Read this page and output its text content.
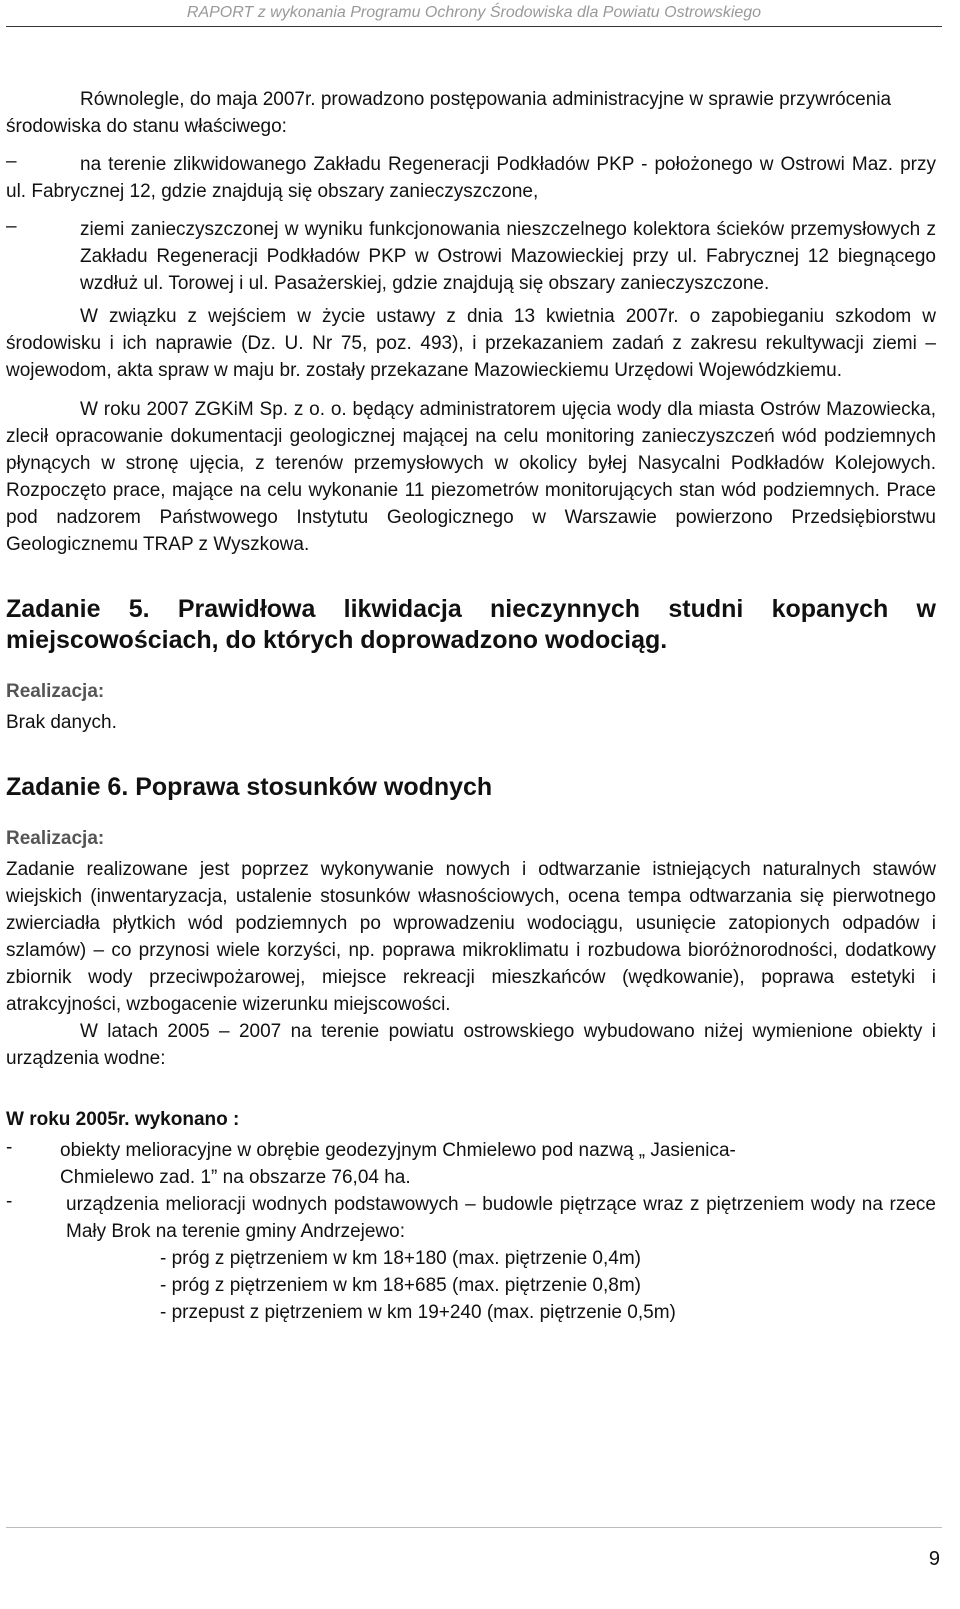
RAPORT z wykonania Programu Ochrony Środowiska dla Powiatu Ostrowskiego

Równolegle, do maja 2007r. prowadzono postępowania administracyjne w sprawie przywrócenia środowiska do stanu właściwego:

–	na terenie zlikwidowanego Zakładu Regeneracji Podkładów PKP - położonego w Ostrowi Maz. przy ul. Fabrycznej 12, gdzie znajdują się obszary zanieczyszczone,

–	ziemi zanieczyszczonej w wyniku funkcjonowania nieszczelnego kolektora ścieków przemysłowych z Zakładu Regeneracji Podkładów PKP w Ostrowi Mazowieckiej przy ul. Fabrycznej 12 biegnącego wzdłuż ul. Torowej i ul. Pasażerskiej, gdzie znajdują się obszary zanieczyszczone.

W związku z wejściem w życie ustawy z dnia 13 kwietnia 2007r. o zapobieganiu szkodom w środowisku i ich naprawie (Dz. U. Nr 75, poz. 493), i przekazaniem zadań z zakresu rekultywacji ziemi – wojewodom, akta spraw w maju br. zostały przekazane Mazowieckiemu Urzędowi Wojewódzkiemu.

W roku 2007 ZGKiM Sp. z o. o. będący administratorem ujęcia wody dla miasta Ostrów Mazowiecka, zlecił opracowanie dokumentacji geologicznej mającej na celu monitoring zanieczyszczeń wód podziemnych płynących w stronę ujęcia, z terenów przemysłowych w okolicy byłej Nasycalni Podkładów Kolejowych. Rozpoczęto prace, mające na celu wykonanie 11 piezometrów monitorujących stan wód podziemnych. Prace pod nadzorem Państwowego Instytutu Geologicznego w Warszawie powierzono Przedsiębiorstwu Geologicznemu TRAP z Wyszkowa.

Zadanie 5. Prawidłowa likwidacja nieczynnych studni kopanych w miejscowościach, do których doprowadzono wodociąg.

Realizacja:

Brak danych.

Zadanie 6. Poprawa stosunków wodnych

Realizacja:

Zadanie realizowane jest poprzez wykonywanie nowych i odtwarzanie istniejących naturalnych stawów wiejskich (inwentaryzacja, ustalenie stosunków własnościowych, ocena tempa odtwarzania się pierwotnego zwierciadła płytkich wód podziemnych po wprowadzeniu wodociągu, usunięcie zatopionych odpadów i szlamów) – co przynosi wiele korzyści, np. poprawa mikroklimatu i rozbudowa bioróżnorodności, dodatkowy zbiornik wody przeciwpożarowej, miejsce rekreacji mieszkańców (wędkowanie), poprawa estetyki i atrakcyjności, wzbogacenie wizerunku miejscowości.

W latach 2005 – 2007 na terenie powiatu ostrowskiego wybudowano niżej wymienione obiekty i urządzenia wodne:

W roku 2005r. wykonano :

-	obiekty melioracyjne w obrębie geodezyjnym Chmielewo pod nazwą „ Jasienica-Chmielewo zad. 1” na obszarze 76,04 ha.

-	urządzenia melioracji wodnych podstawowych – budowle piętrzące wraz z piętrzeniem wody na rzece Mały Brok na terenie gminy Andrzejewo:

- próg z piętrzeniem w km 18+180 (max. piętrzenie 0,4m)

- próg z piętrzeniem w km 18+685 (max. piętrzenie 0,8m)

- przepust z piętrzeniem w km 19+240 (max. piętrzenie 0,5m)

9
